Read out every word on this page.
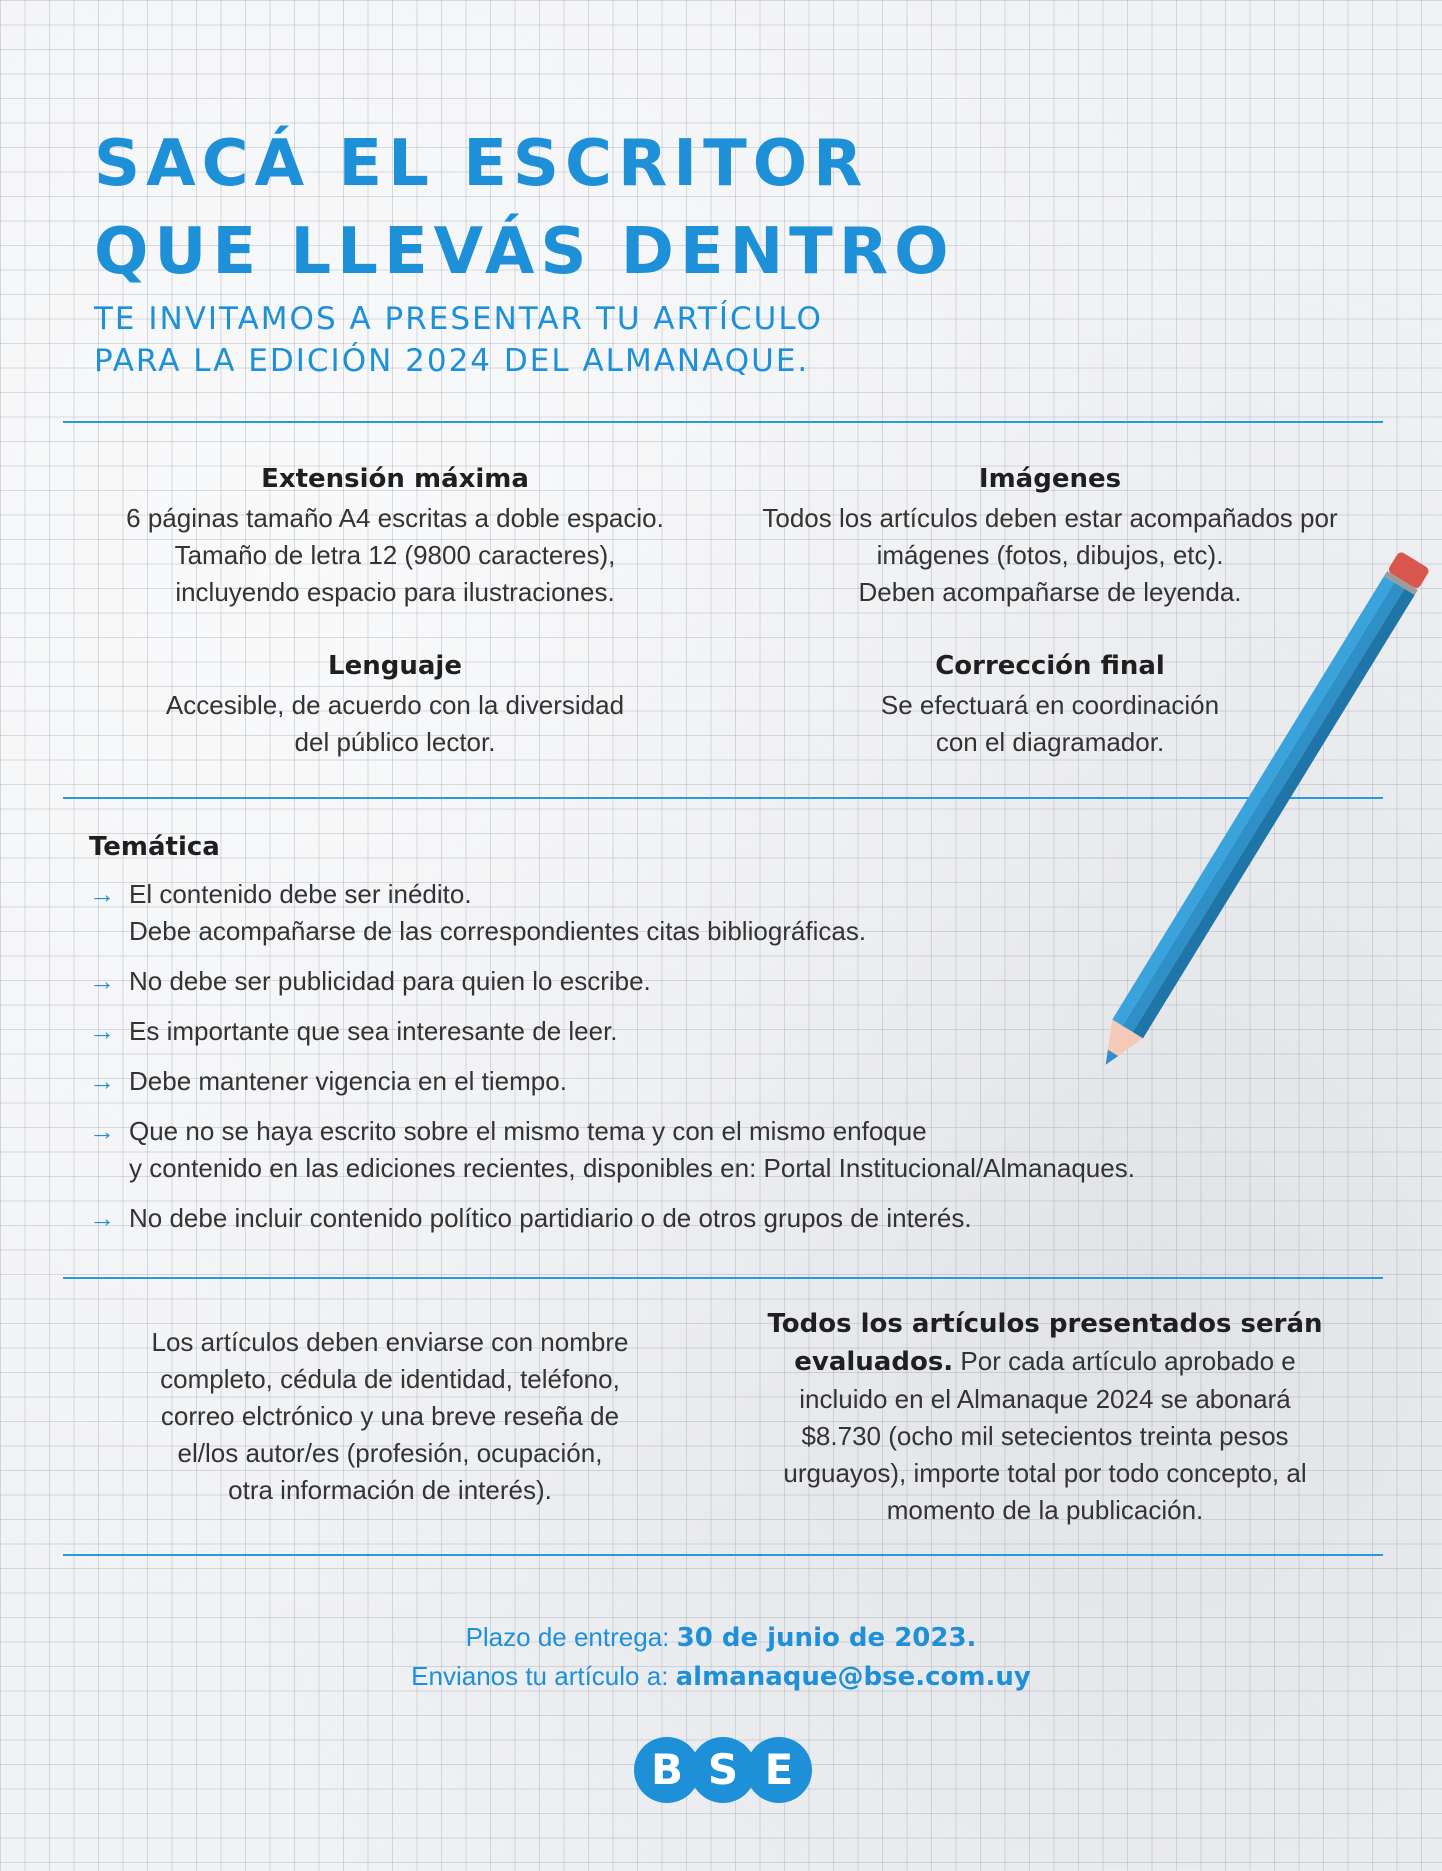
SACÁ EL ESCRITOR
QUE LLEVÁS DENTRO
TE INVITAMOS A PRESENTAR TU ARTÍCULO
PARA LA EDICIÓN 2024 DEL ALMANAQUE.
Extensión máxima

6 páginas tamaño A4 escritas a doble espacio.
Tamaño de letra 12 (9800 caracteres),
incluyendo espacio para ilustraciones.

Imágenes

Todos los artículos deben estar acompañados por
imágenes (fotos, dibujos, etc).
Deben acompañarse de leyenda.

Lenguaje

Accesible, de acuerdo con la diversidad
del público lector.

Corrección final

Se efectuará en coordinación
con el diagramador.

Temática
→ El contenido debe ser inédito.
Debe acompañarse de las correspondientes citas bibliográficas.
→ No debe ser publicidad para quien lo escribe.
→ Es importante que sea interesante de leer.
→ Debe mantener vigencia en el tiempo.
→ Que no se haya escrito sobre el mismo tema y con el mismo enfoque
y contenido en las ediciones recientes, disponibles en: Portal Institucional/Almanaques.
→ No debe incluir contenido político partidiario o de otros grupos de interés.
Los artículos deben enviarse con nombre
completo, cédula de identidad, teléfono,
correo elctrónico y una breve reseña de
el/los autor/es (profesión, ocupación,
otra información de interés).
Todos los artículos presentados serán evaluados. Por cada artículo aprobado e incluido en el Almanaque 2024 se abonará $8.730 (ocho mil setecientos treinta pesos urguayos), importe total por todo concepto, al momento de la publicación.
Plazo de entrega: 30 de junio de 2023.
Envianos tu artículo a: almanaque@bse.com.uy
B S E
